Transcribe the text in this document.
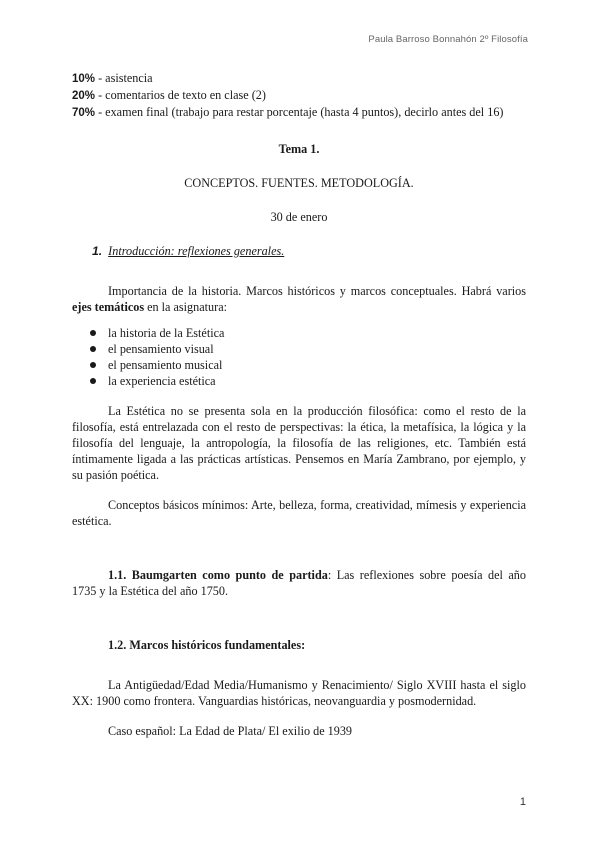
Paula Barroso Bonnahón 2º Filosofía
10% - asistencia
20% - comentarios de texto en clase (2)
70% - examen final (trabajo para restar porcentaje (hasta 4 puntos), decirlo antes del 16)
Tema 1.
CONCEPTOS. FUENTES. METODOLOGÍA.
30 de enero
1. Introducción: reflexiones generales.

Importancia de la historia. Marcos históricos y marcos conceptuales. Habrá varios ejes temáticos en la asignatura:

la historia de la Estética
el pensamiento visual
el pensamiento musical
la experiencia estética

La Estética no se presenta sola en la producción filosófica: como el resto de la filosofía, está entrelazada con el resto de perspectivas: la ética, la metafísica, la lógica y la filosofía del lenguaje, la antropología, la filosofía de las religiones, etc. También está íntimamente ligada a las prácticas artísticas. Pensemos en María Zambrano, por ejemplo, y su pasión poética.

Conceptos básicos mínimos: Arte, belleza, forma, creatividad, mímesis y experiencia estética.

1.1. Baumgarten como punto de partida: Las reflexiones sobre poesía del año 1735 y la Estética del año 1750.

1.2. Marcos históricos fundamentales:

La Antigüedad/Edad Media/Humanismo y Renacimiento/ Siglo XVIII hasta el siglo XX: 1900 como frontera. Vanguardias históricas, neovanguardia y posmodernidad.

Caso español: La Edad de Plata/ El exilio de 1939

1
